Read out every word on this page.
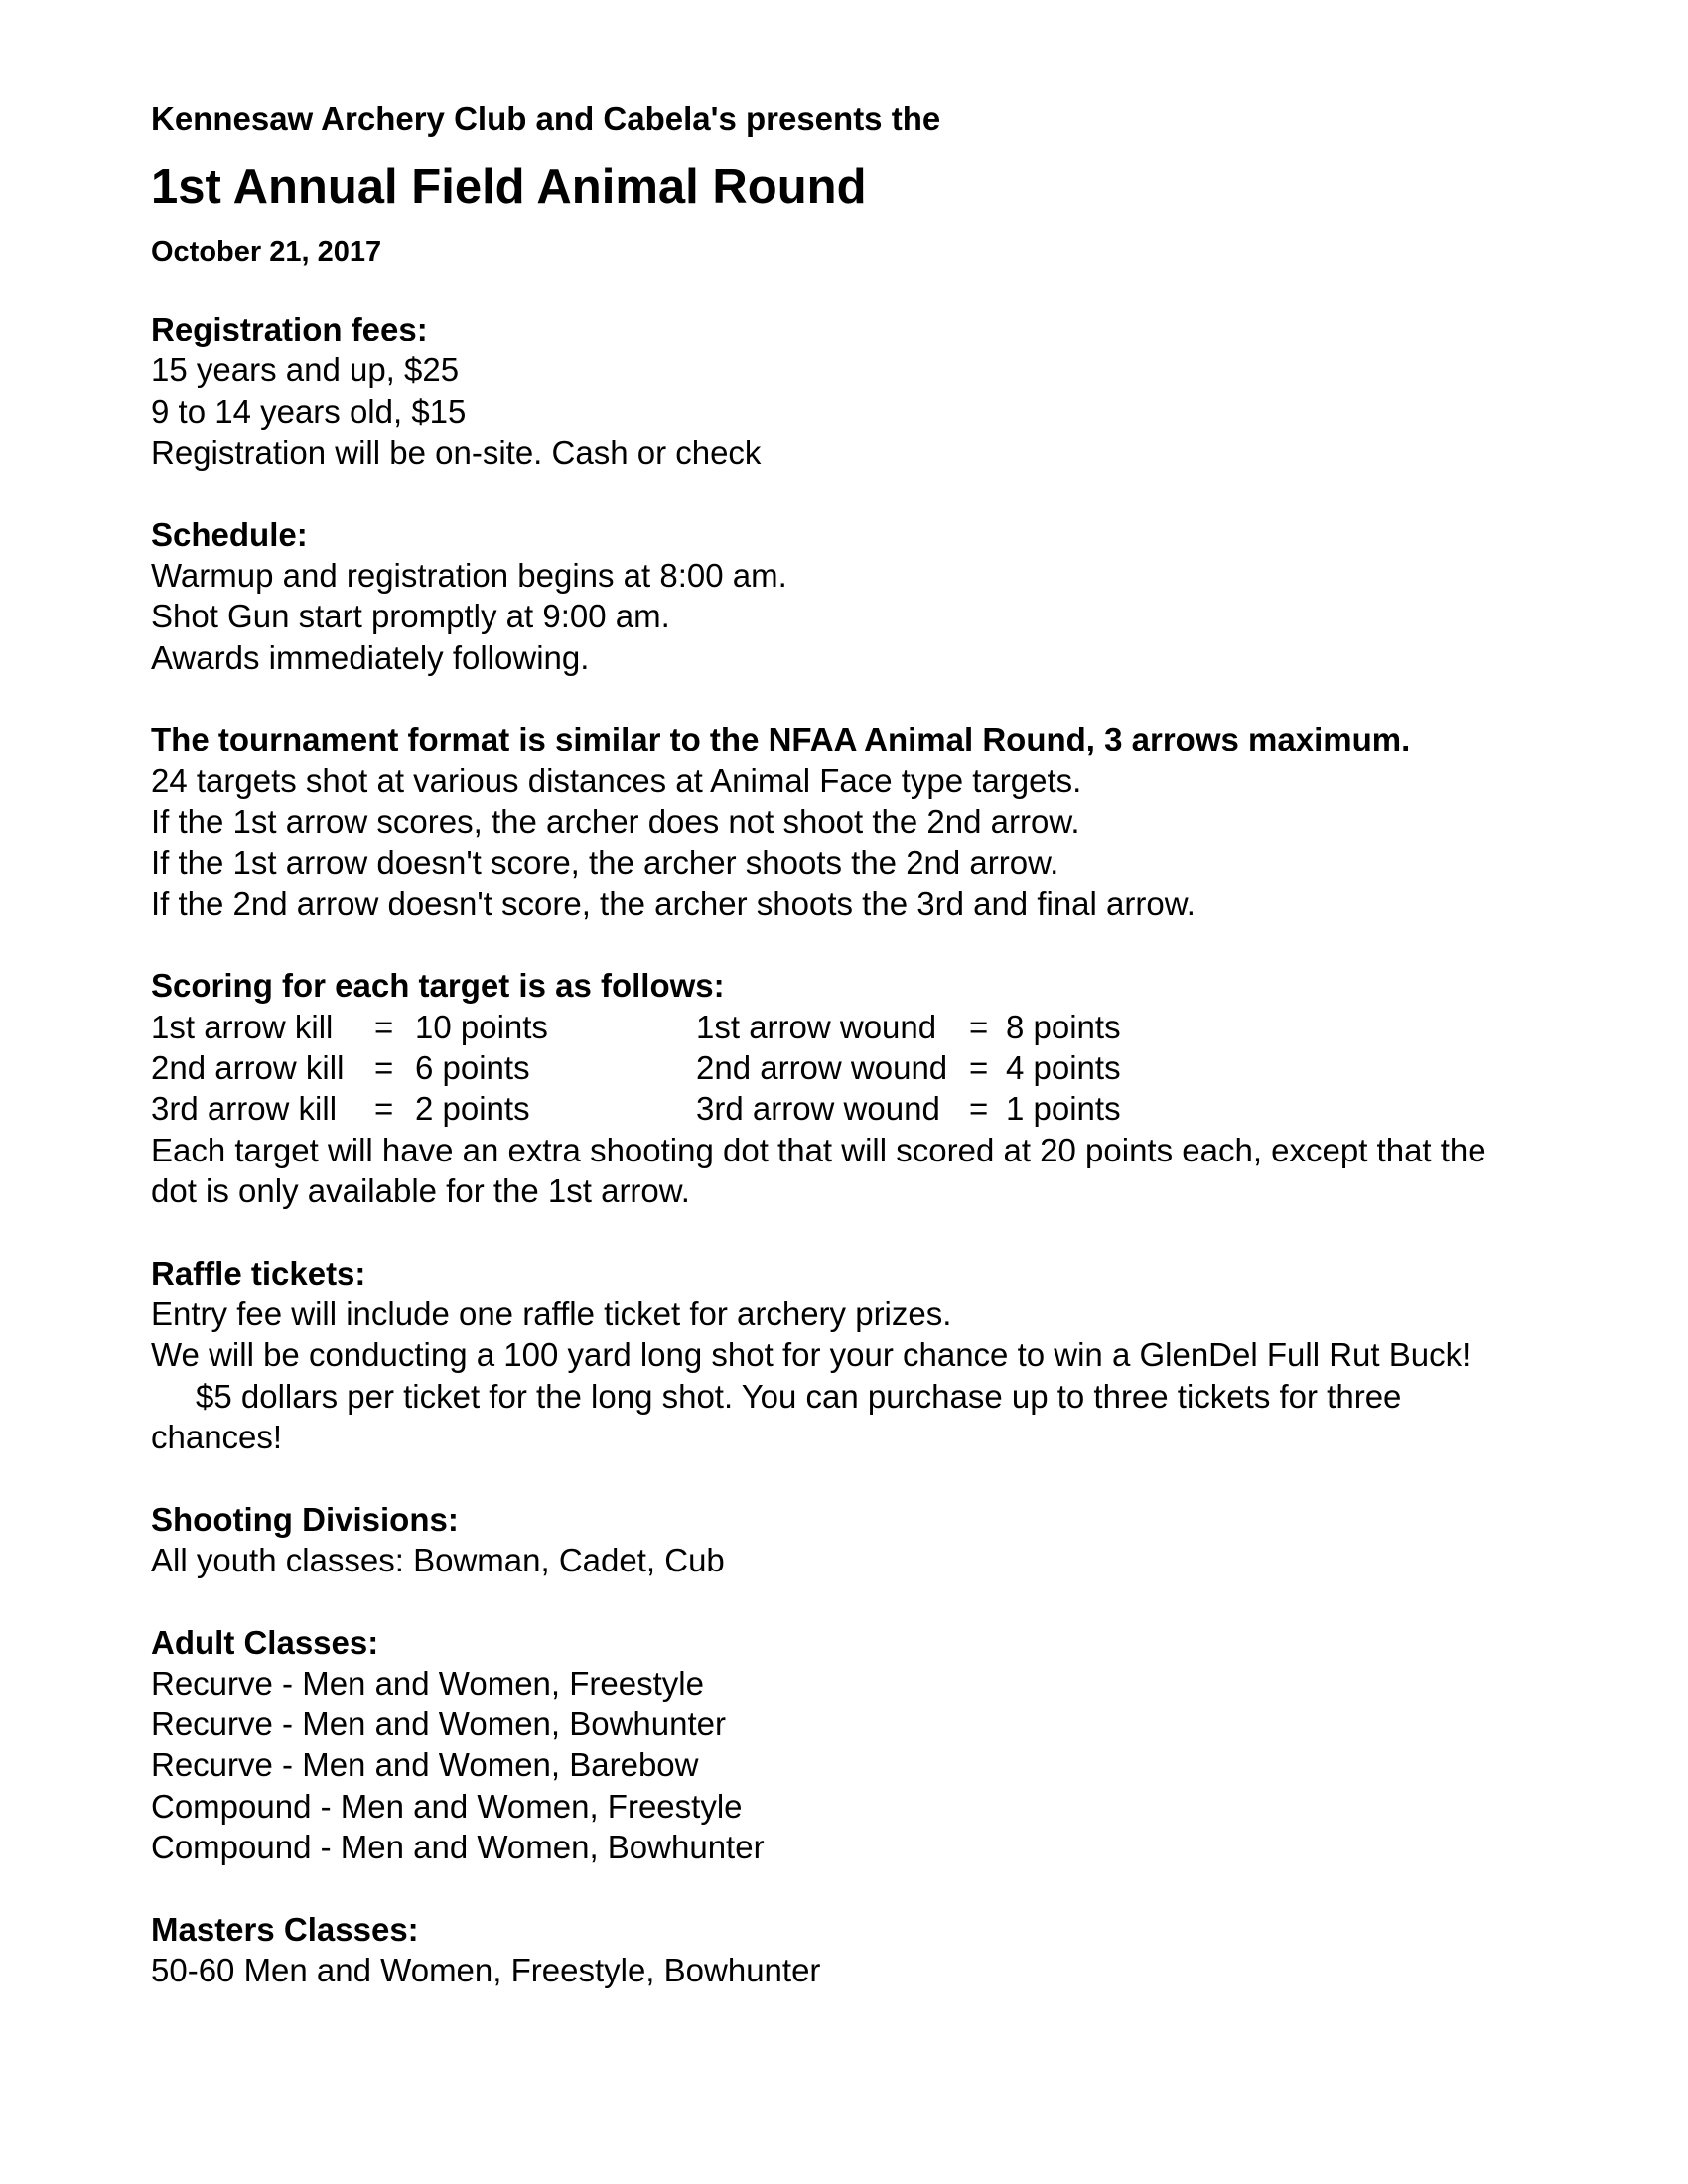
Kennesaw Archery Club and Cabela's presents the
1st Annual Field Animal Round
October 21, 2017
Registration fees:
15 years and up, $25
9 to 14 years old, $15
Registration will be on-site. Cash or check
Schedule:
Warmup and registration begins at 8:00 am.
Shot Gun start promptly at 9:00 am.
Awards immediately following.
The tournament format is similar to the NFAA Animal Round, 3 arrows maximum.
24 targets shot at various distances at Animal Face type targets.
If the 1st arrow scores, the archer does not shoot the 2nd arrow.
If the 1st arrow doesn't score, the archer shoots the 2nd arrow.
If the 2nd arrow doesn't score, the archer shoots the 3rd and final arrow.
Scoring for each target is as follows:
1st arrow kill = 10 points	1st arrow wound = 8 points
2nd arrow kill = 6 points	2nd arrow wound = 4 points
3rd arrow kill = 2 points	3rd arrow wound = 1 points
Each target will have an extra shooting dot that will scored at 20 points each, except that the
dot is only available for the 1st arrow.
Raffle tickets:
Entry fee will include one raffle ticket for archery prizes.
We will be conducting a 100 yard long shot for your chance to win a GlenDel Full Rut Buck!
$5 dollars per ticket for the long shot. You can purchase up to three tickets for three
chances!
Shooting Divisions:
All youth classes: Bowman, Cadet, Cub
Adult Classes:
Recurve - Men and Women, Freestyle
Recurve - Men and Women, Bowhunter
Recurve - Men and Women, Barebow
Compound - Men and Women, Freestyle
Compound - Men and Women, Bowhunter
Masters Classes:
50-60 Men and Women, Freestyle, Bowhunter
